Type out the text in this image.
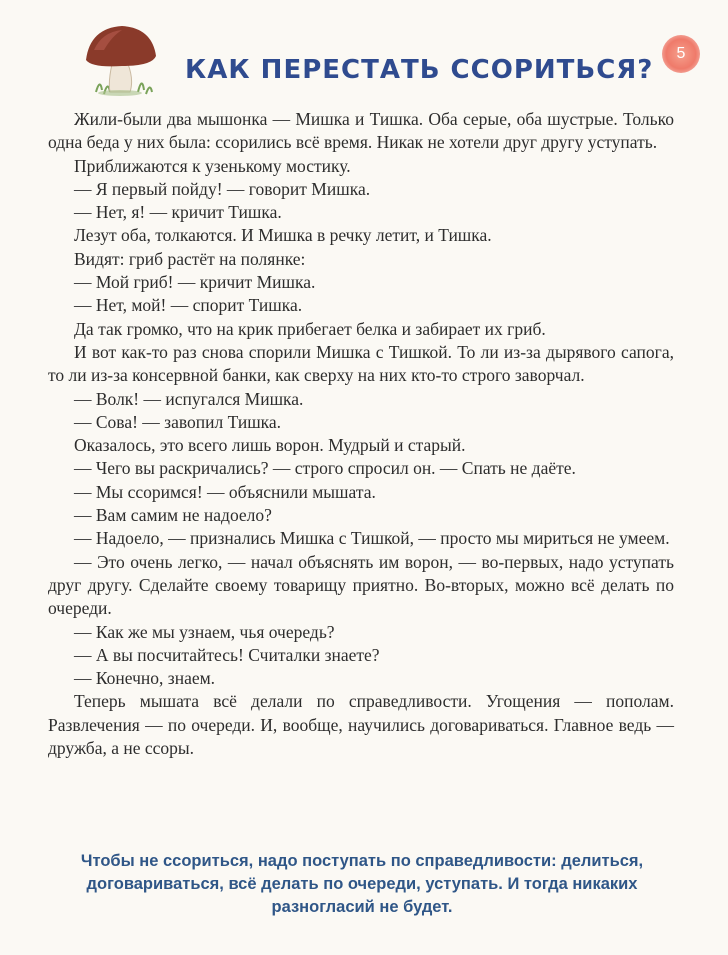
КАК ПЕРЕСТАТЬ ССОРИТЬСЯ?
5

Жили-были два мышонка — Мишка и Тишка. Оба серые, оба шустрые. Только одна беда у них была: ссорились всё время. Никак не хотели друг другу уступать.

Приближаются к узенькому мостику.

— Я первый пойду! — говорит Мишка.

— Нет, я! — кричит Тишка.

Лезут оба, толкаются. И Мишка в речку летит, и Тишка.

Видят: гриб растёт на полянке:

— Мой гриб! — кричит Мишка.

— Нет, мой! — спорит Тишка.

Да так громко, что на крик прибегает белка и забирает их гриб.

И вот как-то раз снова спорили Мишка с Тишкой. То ли из-за дырявого сапога, то ли из-за консервной банки, как сверху на них кто-то строго заворчал.

— Волк! — испугался Мишка.

— Сова! — завопил Тишка.

Оказалось, это всего лишь ворон. Мудрый и старый.

— Чего вы раскричались? — строго спросил он. — Спать не даёте.

— Мы ссоримся! — объяснили мышата.

— Вам самим не надоело?

— Надоело, — признались Мишка с Тишкой, — просто мы мириться не умеем.

— Это очень легко, — начал объяснять им ворон, — во-первых, надо уступать друг другу. Сделайте своему товарищу приятно. Во-вторых, можно всё делать по очереди.

— Как же мы узнаем, чья очередь?

— А вы посчитайтесь! Считалки знаете?

— Конечно, знаем.

Теперь мышата всё делали по справедливости. Угощения — пополам. Развлечения — по очереди. И, вообще, научились договариваться. Главное ведь — дружба, а не ссоры.

Чтобы не ссориться, надо поступать по справедливости: делиться, договариваться, всё делать по очереди, уступать. И тогда никаких разногласий не будет.
